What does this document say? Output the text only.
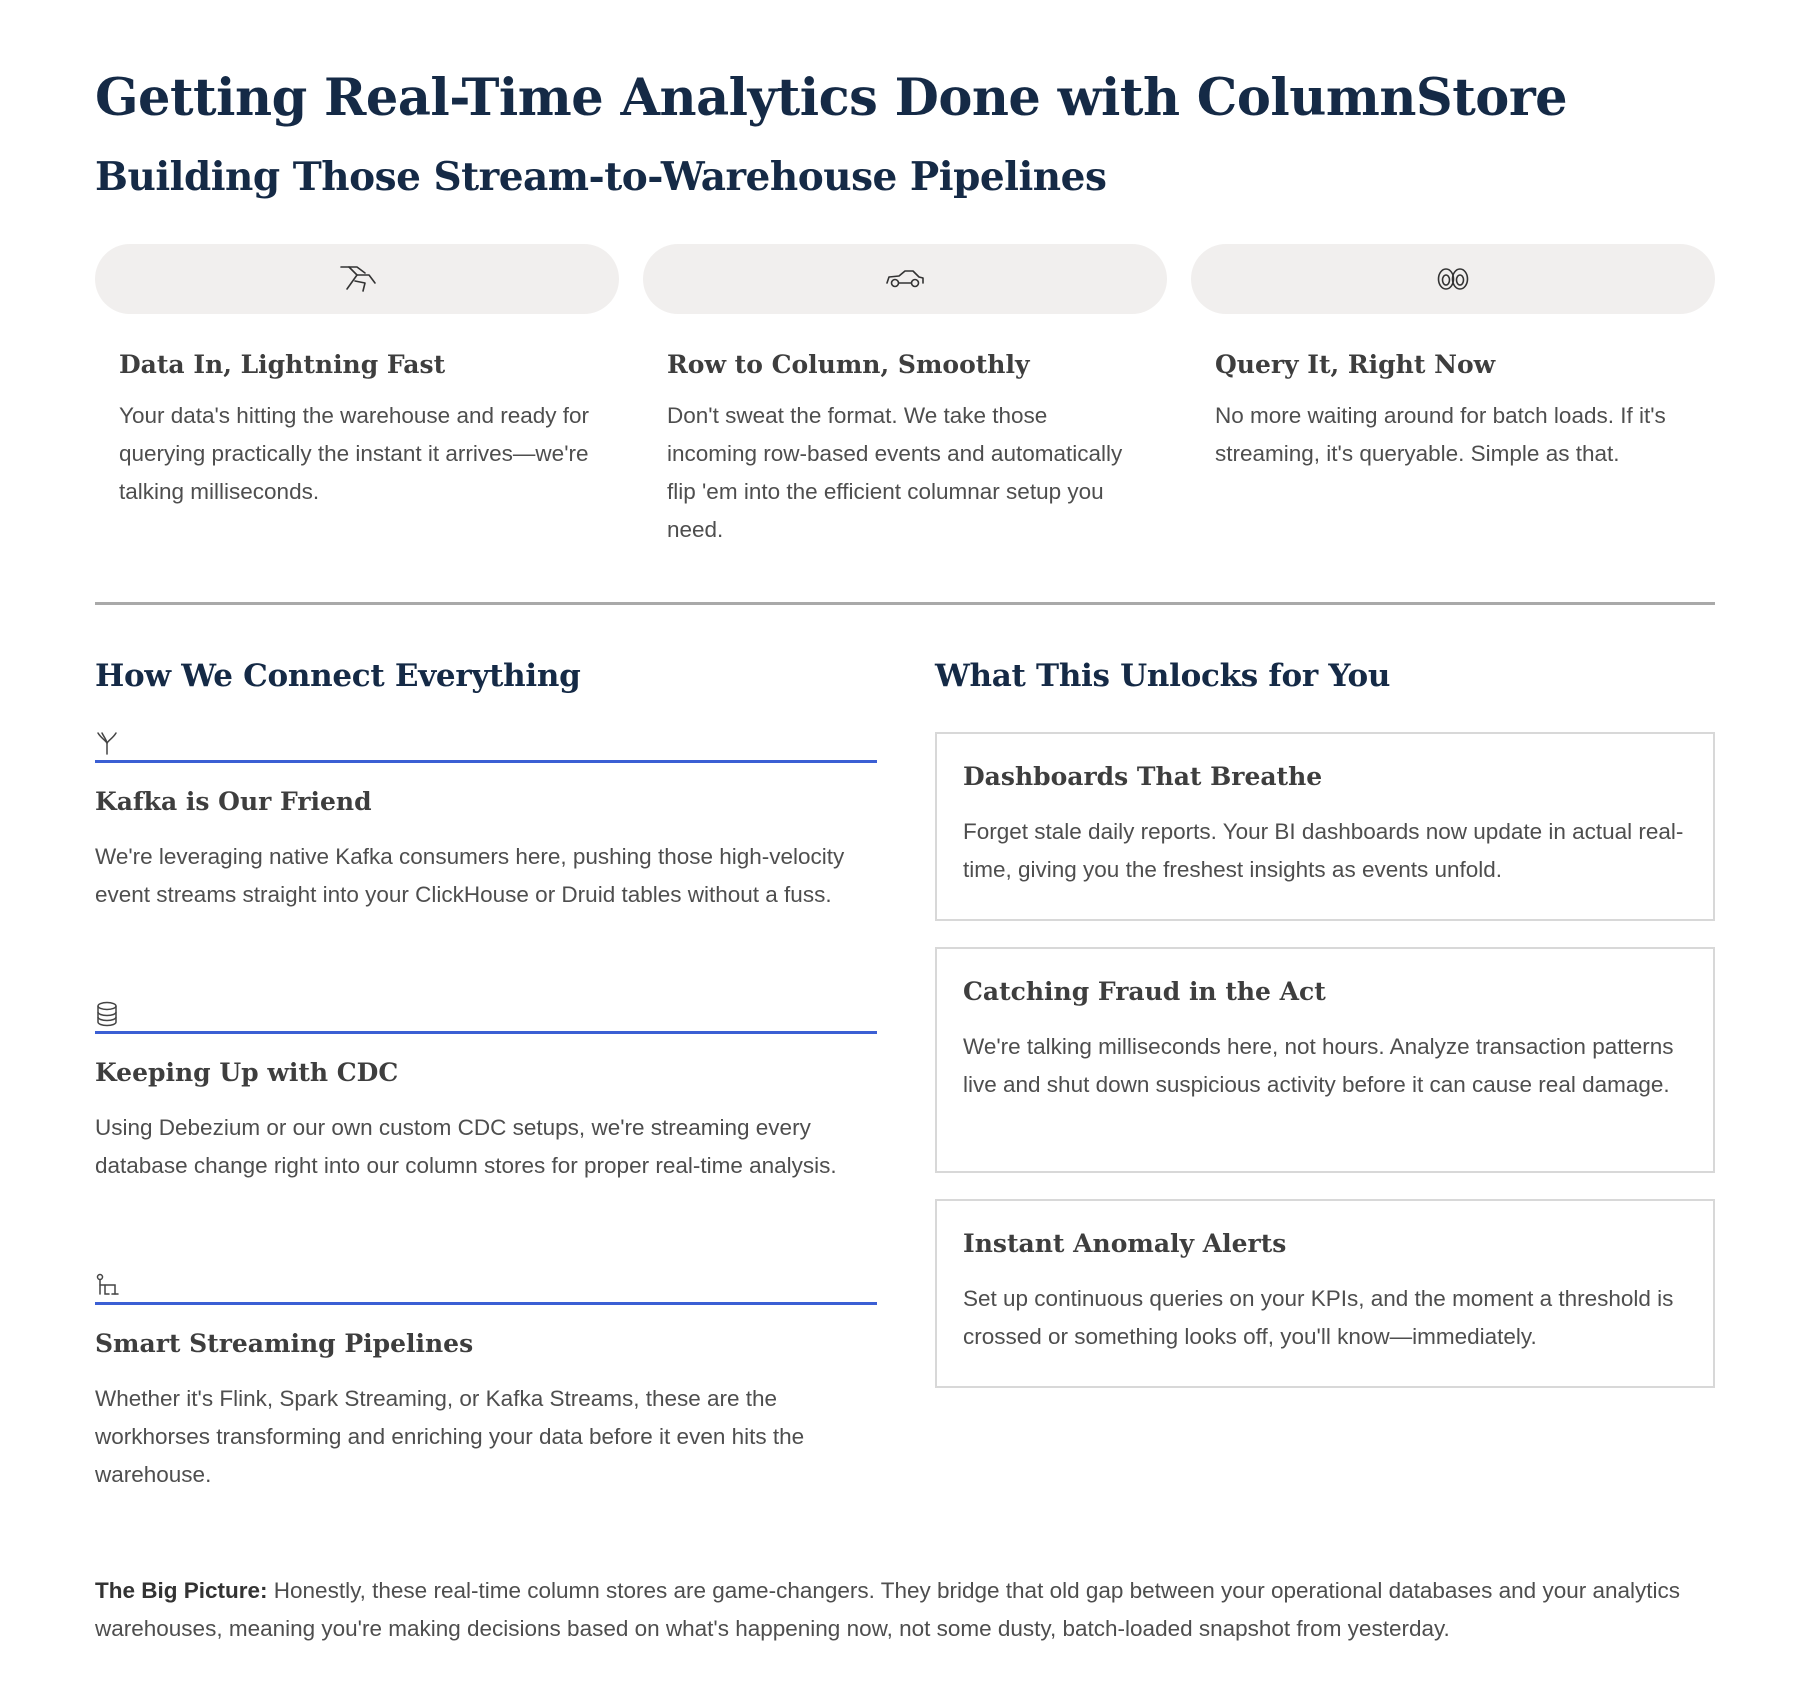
Getting Real-Time Analytics Done with ColumnStore
Building Those Stream-to-Warehouse Pipelines
Data In, Lightning Fast

Your data's hitting the warehouse and ready for querying practically the instant it arrives—we're talking milliseconds.

Row to Column, Smoothly

Don't sweat the format. We take those incoming row-based events and automatically flip 'em into the efficient columnar setup you need.

Query It, Right Now

No more waiting around for batch loads. If it's streaming, it's queryable. Simple as that.

How We Connect Everything
Kafka is Our Friend

We're leveraging native Kafka consumers here, pushing those high-velocity event streams straight into your ClickHouse or Druid tables without a fuss.

Keeping Up with CDC

Using Debezium or our own custom CDC setups, we're streaming every database change right into our column stores for proper real-time analysis.

Smart Streaming Pipelines

Whether it's Flink, Spark Streaming, or Kafka Streams, these are the workhorses transforming and enriching your data before it even hits the warehouse.

What This Unlocks for You
Dashboards That Breathe

Forget stale daily reports. Your BI dashboards now update in actual real-time, giving you the freshest insights as events unfold.

Catching Fraud in the Act

We're talking milliseconds here, not hours. Analyze transaction patterns live and shut down suspicious activity before it can cause real damage.

Instant Anomaly Alerts

Set up continuous queries on your KPIs, and the moment a threshold is crossed or something looks off, you'll know—immediately.

The Big Picture: Honestly, these real-time column stores are game-changers. They bridge that old gap between your operational databases and your analytics warehouses, meaning you're making decisions based on what's happening now, not some dusty, batch-loaded snapshot from yesterday.
